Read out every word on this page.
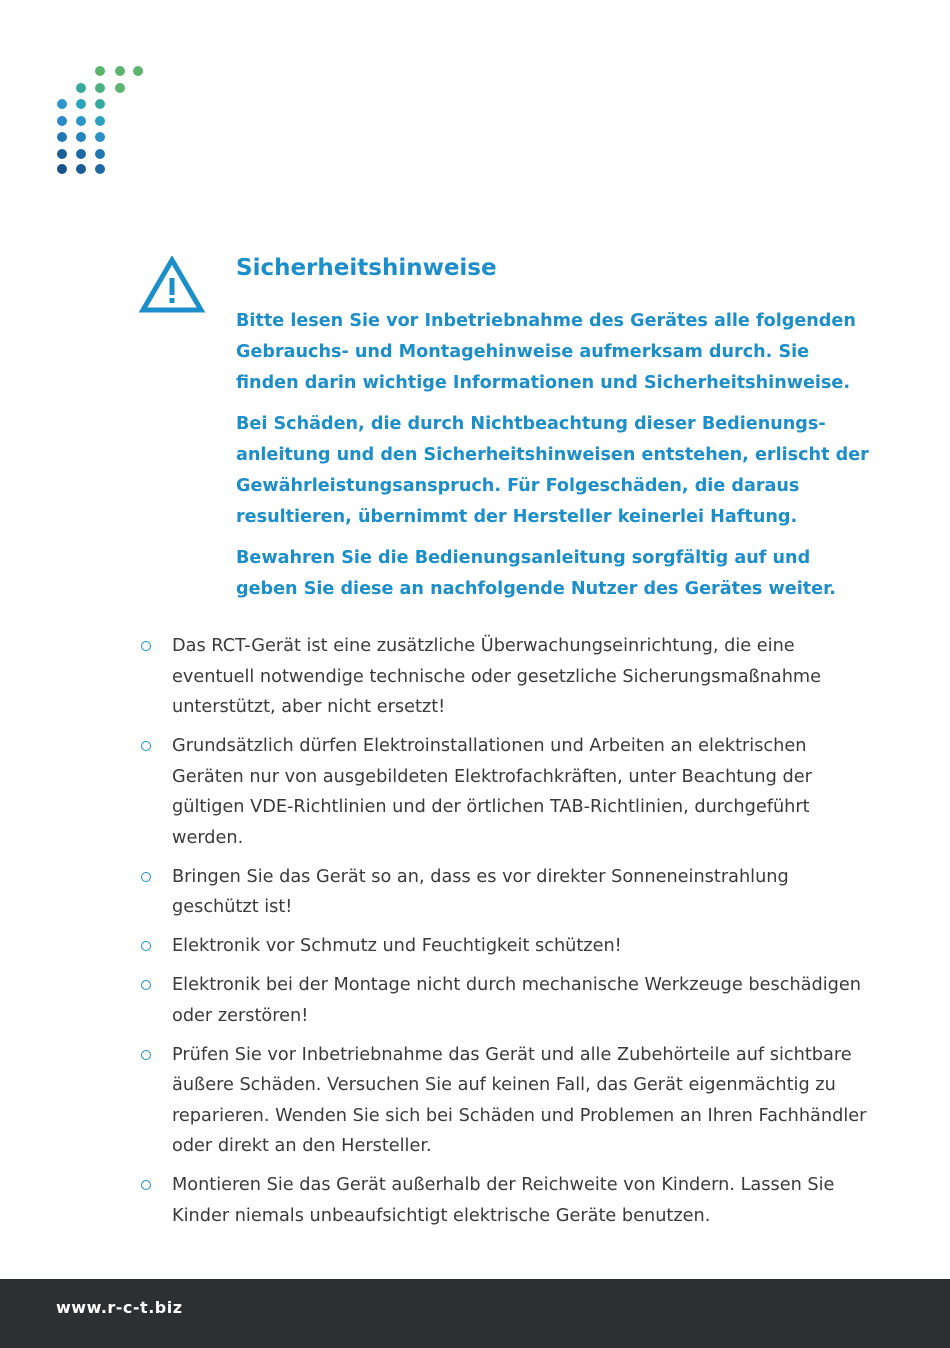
Sicherheitshinweise

Bitte lesen Sie vor Inbetriebnahme des Gerätes alle folgenden Gebrauchs- und Montagehinweise aufmerksam durch. Sie finden darin wichtige Informationen und Sicherheitshinweise.

Bei Schäden, die durch Nichtbeachtung dieser Bedienungsanleitung und den Sicherheitshinweisen entstehen, erlischt der Gewährleistungsanspruch. Für Folgeschäden, die daraus resultieren, übernimmt der Hersteller keinerlei Haftung.

Bewahren Sie die Bedienungsanleitung sorgfältig auf und geben Sie diese an nachfolgende Nutzer des Gerätes weiter.

Das RCT-Gerät ist eine zusätzliche Überwachungseinrichtung, die eine eventuell notwendige technische oder gesetzliche Sicherungsmaßnahme unterstützt, aber nicht ersetzt!
Grundsätzlich dürfen Elektroinstallationen und Arbeiten an elektrischen Geräten nur von ausgebildeten Elektrofachkräften, unter Beachtung der gültigen VDE-Richtlinien und der örtlichen TAB-Richtlinien, durchgeführt werden.
Bringen Sie das Gerät so an, dass es vor direkter Sonneneinstrahlung geschützt ist!
Elektronik vor Schmutz und Feuchtigkeit schützen!
Elektronik bei der Montage nicht durch mechanische Werkzeuge beschädigen oder zerstören!
Prüfen Sie vor Inbetriebnahme das Gerät und alle Zubehörteile auf sichtbare äußere Schäden. Versuchen Sie auf keinen Fall, das Gerät eigenmächtig zu reparieren. Wenden Sie sich bei Schäden und Problemen an Ihren Fachhändler oder direkt an den Hersteller.
Montieren Sie das Gerät außerhalb der Reichweite von Kindern. Lassen Sie Kinder niemals unbeaufsichtigt elektrische Geräte benutzen.
www.r-c-t.biz
